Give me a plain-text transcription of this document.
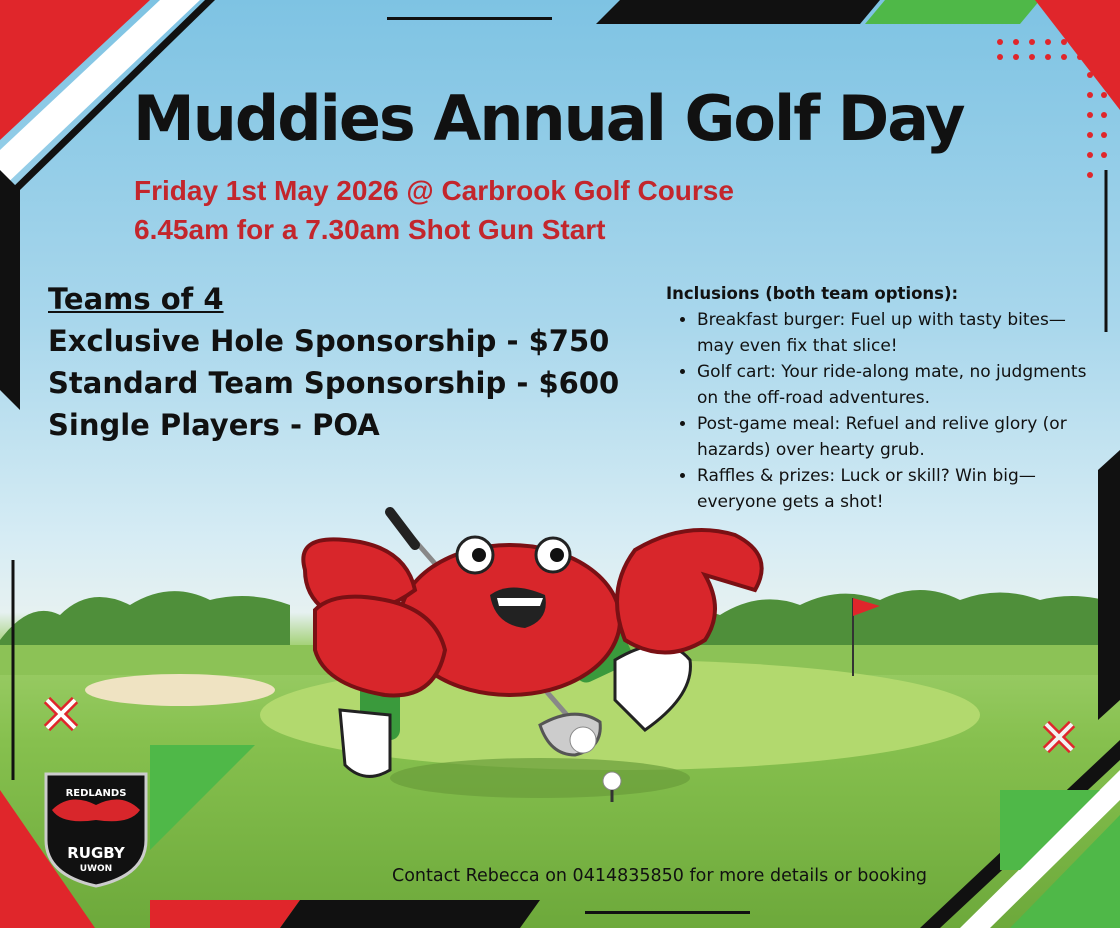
REDLANDS
RUGBY
UWON
Muddies Annual Golf Day
Friday 1st May 2026 @ Carbrook Golf Course
6.45am for a 7.30am Shot Gun Start
Teams of 4
Exclusive Hole Sponsorship - $750
Standard Team Sponsorship - $600
Single Players - POA
Inclusions (both team options):
• Breakfast burger: Fuel up with tasty bites—may even fix that slice!
• Golf cart: Your ride-along mate, no judgments on the off-road adventures.
• Post-game meal: Refuel and relive glory (or hazards) over hearty grub.
• Raffles & prizes: Luck or skill? Win big—everyone gets a shot!
Contact Rebecca on 0414835850 for more details or booking
